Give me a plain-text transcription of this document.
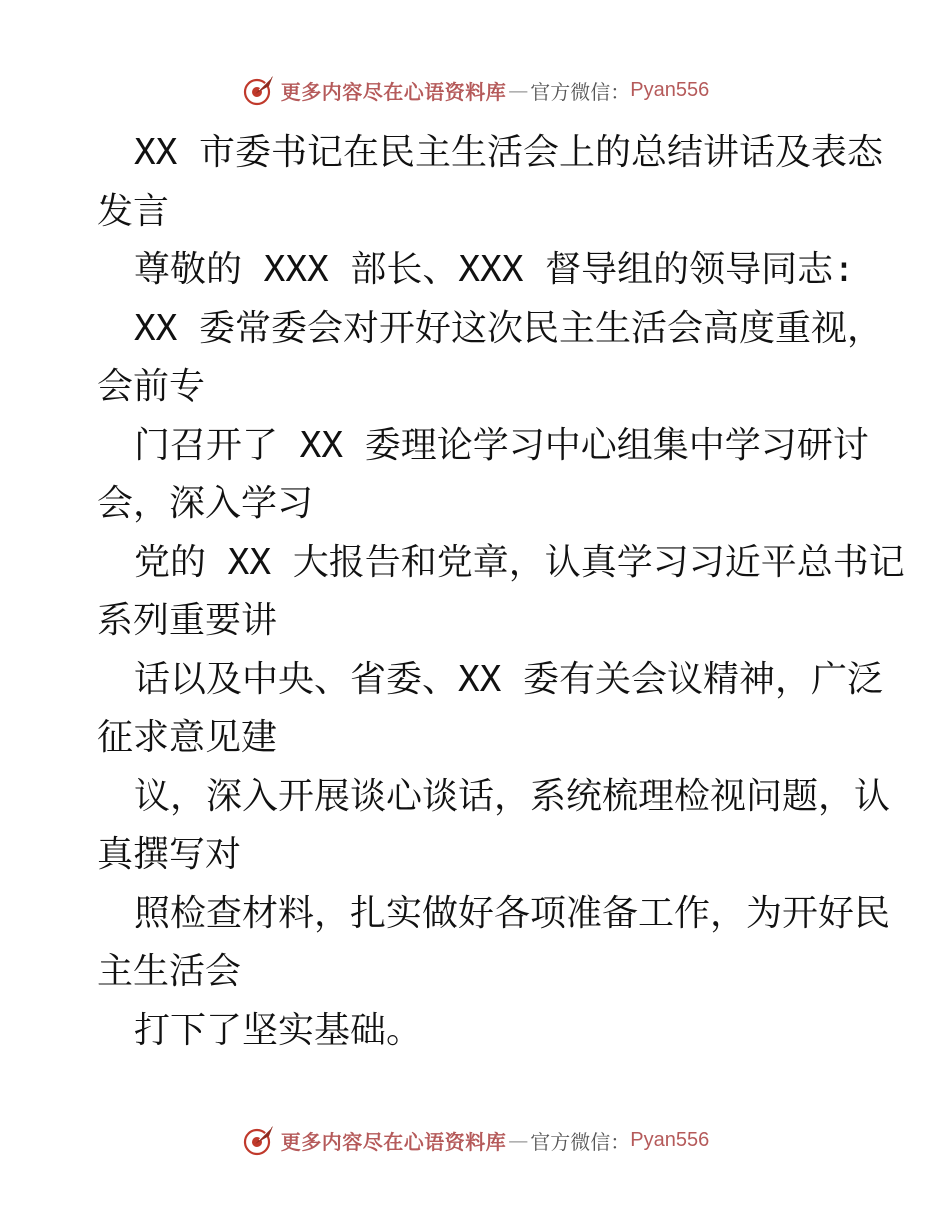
更多内容尽在心语资料库 — 官方微信： Pyan556
XX 市委书记在民主生活会上的总结讲话及表态
发言
尊敬的 XXX 部长、XXX 督导组的领导同志:
XX 委常委会对开好这次民主生活会高度重视，
会前专
门召开了 XX 委理论学习中心组集中学习研讨
会，深入学习
党的 XX 大报告和党章，认真学习习近平总书记
系列重要讲
话以及中央、省委、XX 委有关会议精神，广泛
征求意见建
议，深入开展谈心谈话，系统梳理检视问题，认
真撰写对
照检查材料，扎实做好各项准备工作，为开好民
主生活会
打下了坚实基础。
更多内容尽在心语资料库 — 官方微信： Pyan556
